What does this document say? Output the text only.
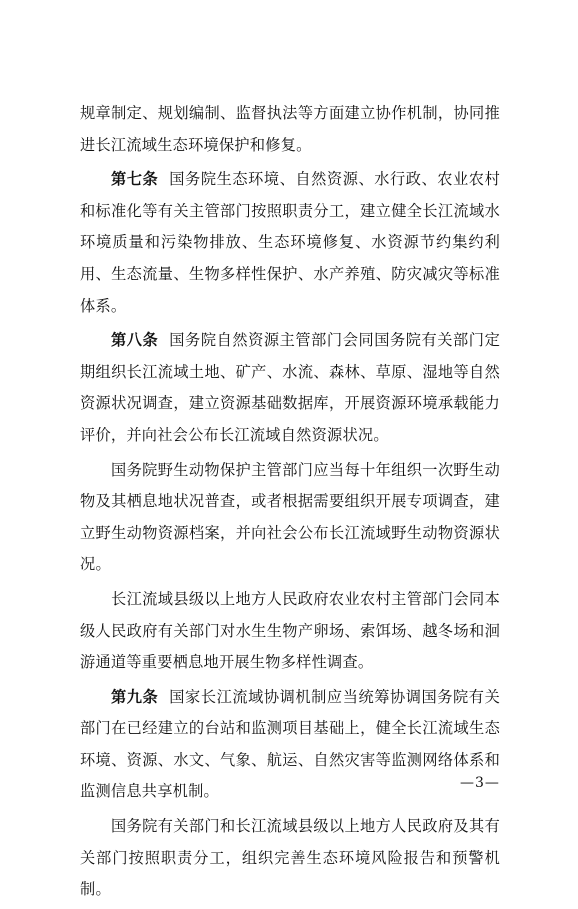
规章制定、规划编制、监督执法等方面建立协作机制，协同推进长江流域生态环境保护和修复。

第七条 国务院生态环境、自然资源、水行政、农业农村和标准化等有关主管部门按照职责分工，建立健全长江流域水环境质量和污染物排放、生态环境修复、水资源节约集约利用、生态流量、生物多样性保护、水产养殖、防灾减灾等标准体系。

第八条 国务院自然资源主管部门会同国务院有关部门定期组织长江流域土地、矿产、水流、森林、草原、湿地等自然资源状况调查，建立资源基础数据库，开展资源环境承载能力评价，并向社会公布长江流域自然资源状况。

国务院野生动物保护主管部门应当每十年组织一次野生动物及其栖息地状况普查，或者根据需要组织开展专项调查，建立野生动物资源档案，并向社会公布长江流域野生动物资源状况。

长江流域县级以上地方人民政府农业农村主管部门会同本级人民政府有关部门对水生生物产卵场、索饵场、越冬场和洄游通道等重要栖息地开展生物多样性调查。

第九条 国家长江流域协调机制应当统筹协调国务院有关部门在已经建立的台站和监测项目基础上，健全长江流域生态环境、资源、水文、气象、航运、自然灾害等监测网络体系和监测信息共享机制。

国务院有关部门和长江流域县级以上地方人民政府及其有关部门按照职责分工，组织完善生态环境风险报告和预警机制。

—3—
